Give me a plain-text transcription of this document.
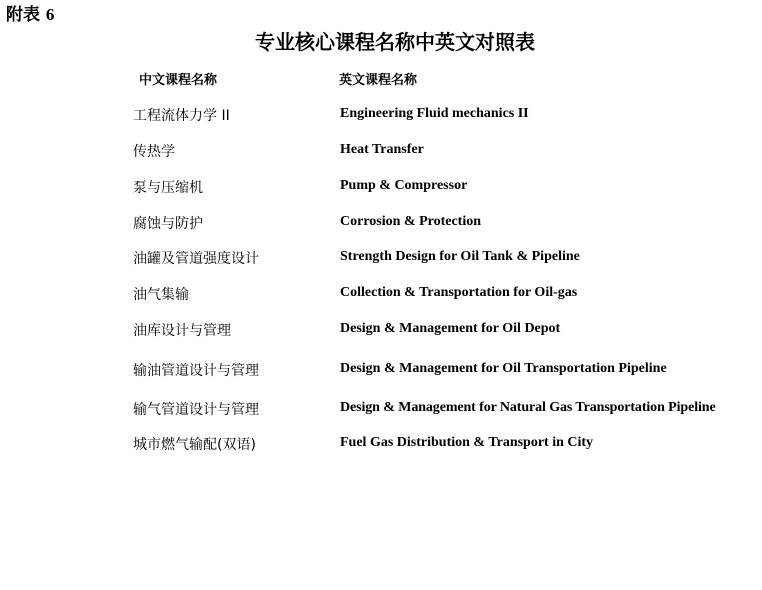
附表 6
专业核心课程名称中英文对照表
中文课程名称	英文课程名称
工程流体力学 II	Engineering Fluid mechanics II
传热学	Heat Transfer
泵与压缩机	Pump & Compressor
腐蚀与防护	Corrosion & Protection
油罐及管道强度设计	Strength Design for Oil Tank & Pipeline
油气集输	Collection & Transportation for Oil-gas
油库设计与管理	Design & Management for Oil Depot
输油管道设计与管理	Design & Management for Oil Transportation Pipeline
输气管道设计与管理	Design & Management for Natural Gas Transportation Pipeline
城市燃气输配(双语)	Fuel Gas Distribution & Transport in City
